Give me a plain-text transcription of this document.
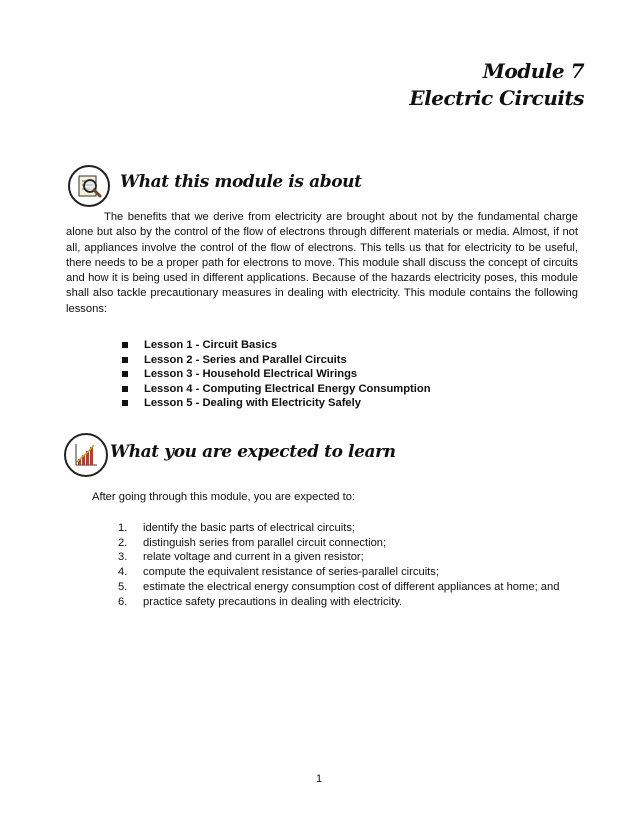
Module 7
Electric Circuits
What this module is about
The benefits that we derive from electricity are brought about not by the fundamental charge alone but also by the control of the flow of electrons through different materials or media. Almost, if not all, appliances involve the control of the flow of electrons. This tells us that for electricity to be useful, there needs to be a proper path for electrons to move. This module shall discuss the concept of circuits and how it is being used in different applications. Because of the hazards electricity poses, this module shall also tackle precautionary measures in dealing with electricity. This module contains the following lessons:
Lesson 1 - Circuit Basics
Lesson 2 - Series and Parallel Circuits
Lesson 3 - Household Electrical Wirings
Lesson 4 - Computing Electrical Energy Consumption
Lesson 5 - Dealing with Electricity Safely
What you are expected to learn
After going through this module, you are expected to:
1. identify the basic parts of electrical circuits;
2. distinguish series from parallel circuit connection;
3. relate voltage and current in a given resistor;
4. compute the equivalent resistance of series-parallel circuits;
5. estimate the electrical energy consumption cost of different appliances at home; and
6. practice safety precautions in dealing with electricity.
1
